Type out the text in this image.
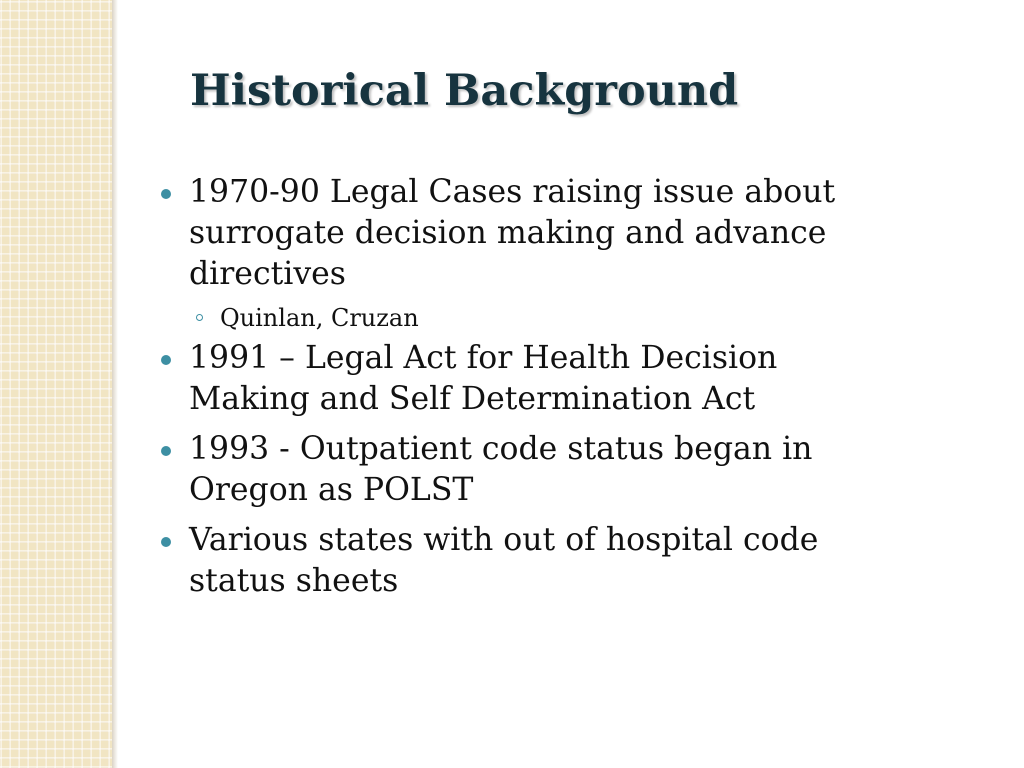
Historical Background
1970-90 Legal Cases raising issue about
surrogate decision making and advance
directives
Quinlan, Cruzan
1991 – Legal Act for Health Decision
Making and Self Determination Act
1993 - Outpatient code status began in
Oregon as POLST
Various states with out of hospital code
status sheets
